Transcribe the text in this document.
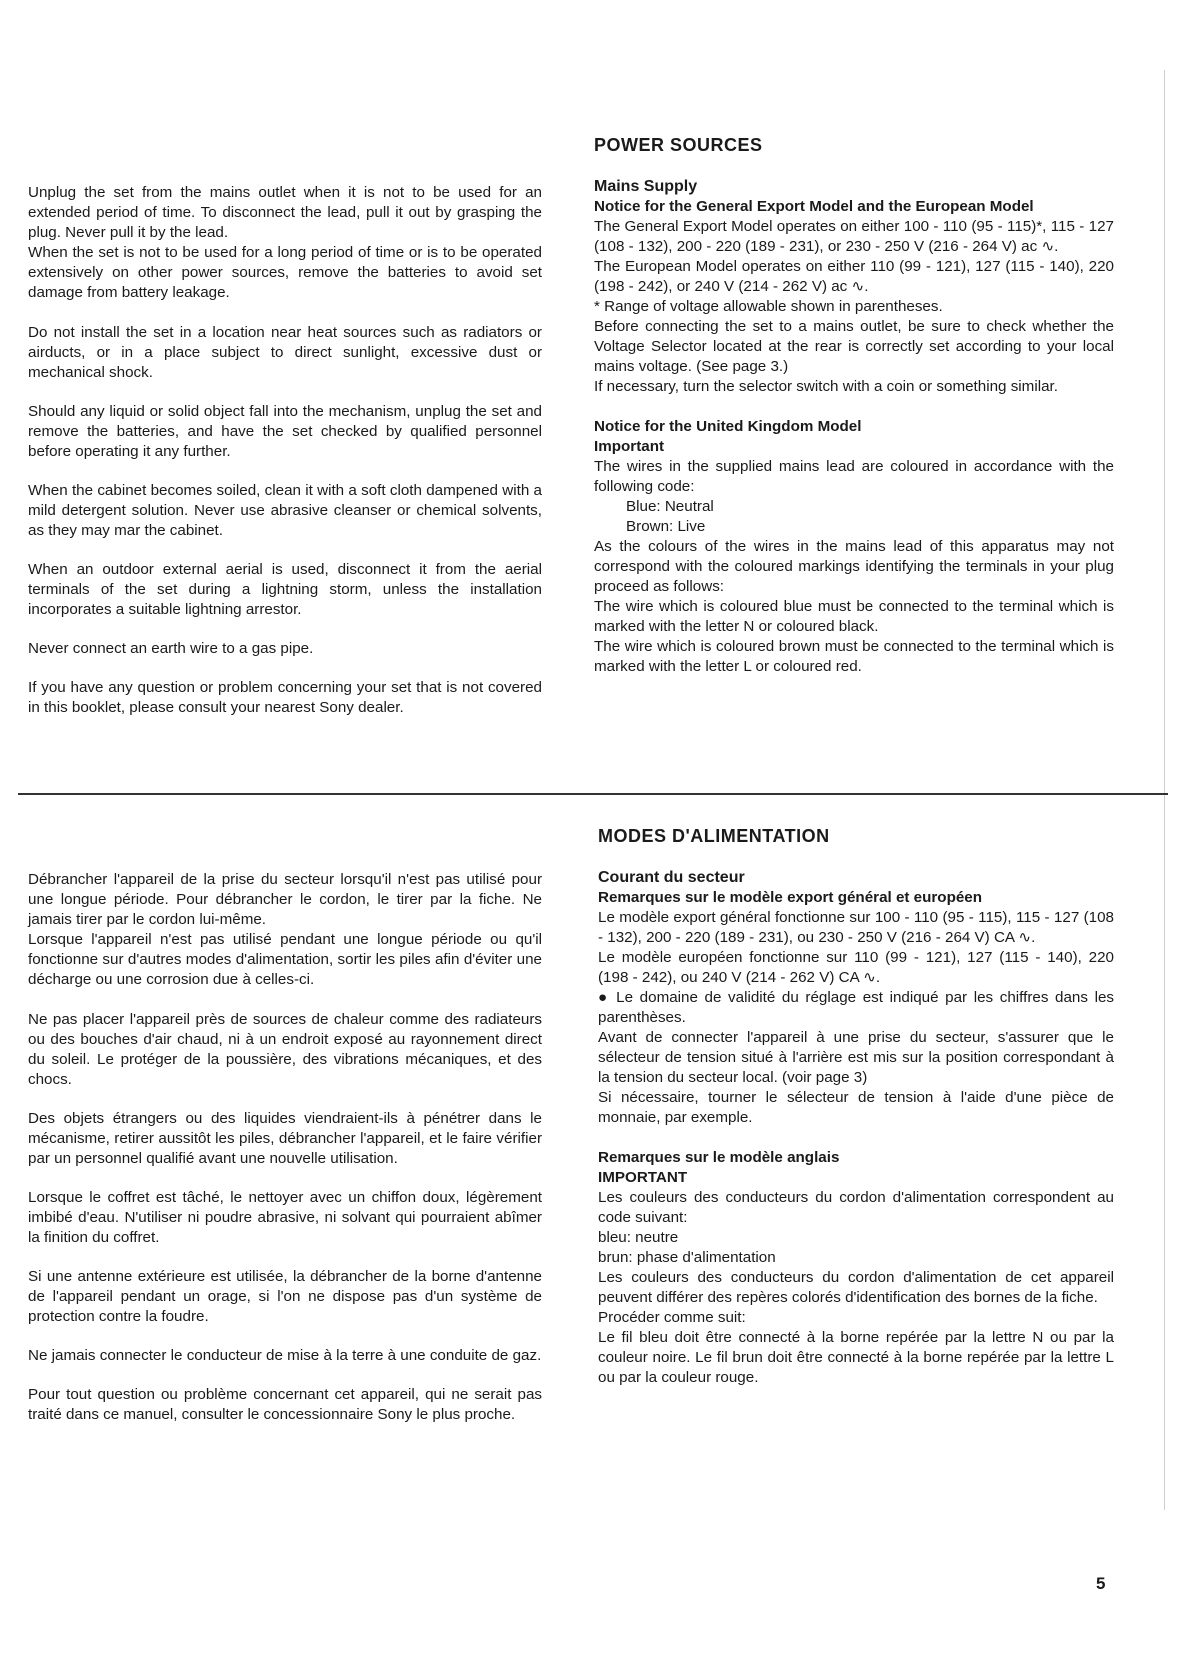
Unplug the set from the mains outlet when it is not to be used for an extended period of time. To disconnect the lead, pull it out by grasping the plug. Never pull it by the lead.
When the set is not to be used for a long period of time or is to be operated extensively on other power sources, remove the batteries to avoid set damage from battery leakage.

Do not install the set in a location near heat sources such as radiators or airducts, or in a place subject to direct sunlight, excessive dust or mechanical shock.

Should any liquid or solid object fall into the mechanism, unplug the set and remove the batteries, and have the set checked by qualified personnel before operating it any further.

When the cabinet becomes soiled, clean it with a soft cloth dampened with a mild detergent solution. Never use abrasive cleanser or chemical solvents, as they may mar the cabinet.

When an outdoor external aerial is used, disconnect it from the aerial terminals of the set during a lightning storm, unless the installation incorporates a suitable lightning arrestor.

Never connect an earth wire to a gas pipe.

If you have any question or problem concerning your set that is not covered in this booklet, please consult your nearest Sony dealer.

POWER SOURCES
Mains Supply
Notice for the General Export Model and the European Model
The General Export Model operates on either 100 - 110 (95 - 115)*, 115 - 127 (108 - 132), 200 - 220 (189 - 231), or 230 - 250 V (216 - 264 V) ac ∿.
The European Model operates on either 110 (99 - 121), 127 (115 - 140), 220 (198 - 242), or 240 V (214 - 262 V) ac ∿.
* Range of voltage allowable shown in parentheses.
Before connecting the set to a mains outlet, be sure to check whether the Voltage Selector located at the rear is correctly set according to your local mains voltage. (See page 3.)
If necessary, turn the selector switch with a coin or something similar.
Notice for the United Kingdom Model
Important
The wires in the supplied mains lead are coloured in accordance with the following code:
Blue: Neutral
Brown: Live
As the colours of the wires in the mains lead of this apparatus may not correspond with the coloured markings identifying the terminals in your plug proceed as follows:
The wire which is coloured blue must be connected to the terminal which is marked with the letter N or coloured black.
The wire which is coloured brown must be connected to the terminal which is marked with the letter L or coloured red.

Débrancher l'appareil de la prise du secteur lorsqu'il n'est pas utilisé pour une longue période. Pour débrancher le cordon, le tirer par la fiche. Ne jamais tirer par le cordon lui-même.
Lorsque l'appareil n'est pas utilisé pendant une longue période ou qu'il fonctionne sur d'autres modes d'alimentation, sortir les piles afin d'éviter une décharge ou une corrosion due à celles-ci.

Ne pas placer l'appareil près de sources de chaleur comme des radiateurs ou des bouches d'air chaud, ni à un endroit exposé au rayonnement direct du soleil. Le protéger de la poussière, des vibrations mécaniques, et des chocs.

Des objets étrangers ou des liquides viendraient-ils à pénétrer dans le mécanisme, retirer aussitôt les piles, débrancher l'appareil, et le faire vérifier par un personnel qualifié avant une nouvelle utilisation.

Lorsque le coffret est tâché, le nettoyer avec un chiffon doux, légèrement imbibé d'eau. N'utiliser ni poudre abrasive, ni solvant qui pourraient abîmer la finition du coffret.

Si une antenne extérieure est utilisée, la débrancher de la borne d'antenne de l'appareil pendant un orage, si l'on ne dispose pas d'un système de protection contre la foudre.

Ne jamais connecter le conducteur de mise à la terre à une conduite de gaz.

Pour tout question ou problème concernant cet appareil, qui ne serait pas traité dans ce manuel, consulter le concessionnaire Sony le plus proche.

MODES D'ALIMENTATION
Courant du secteur
Remarques sur le modèle export général et européen
Le modèle export général fonctionne sur 100 - 110 (95 - 115), 115 - 127 (108 - 132), 200 - 220 (189 - 231), ou 230 - 250 V (216 - 264 V) CA ∿.
Le modèle européen fonctionne sur 110 (99 - 121), 127 (115 - 140), 220 (198 - 242), ou 240 V (214 - 262 V) CA ∿.
● Le domaine de validité du réglage est indiqué par les chiffres dans les parenthèses.
Avant de connecter l'appareil à une prise du secteur, s'assurer que le sélecteur de tension situé à l'arrière est mis sur la position correspondant à la tension du secteur local. (voir page 3)
Si nécessaire, tourner le sélecteur de tension à l'aide d'une pièce de monnaie, par exemple.
Remarques sur le modèle anglais
IMPORTANT
Les couleurs des conducteurs du cordon d'alimentation correspondent au code suivant:
bleu: neutre
brun: phase d'alimentation
Les couleurs des conducteurs du cordon d'alimentation de cet appareil peuvent différer des repères colorés d'identification des bornes de la fiche.
Procéder comme suit:
Le fil bleu doit être connecté à la borne repérée par la lettre N ou par la couleur noire. Le fil brun doit être connecté à la borne repérée par la lettre L ou par la couleur rouge.
5
